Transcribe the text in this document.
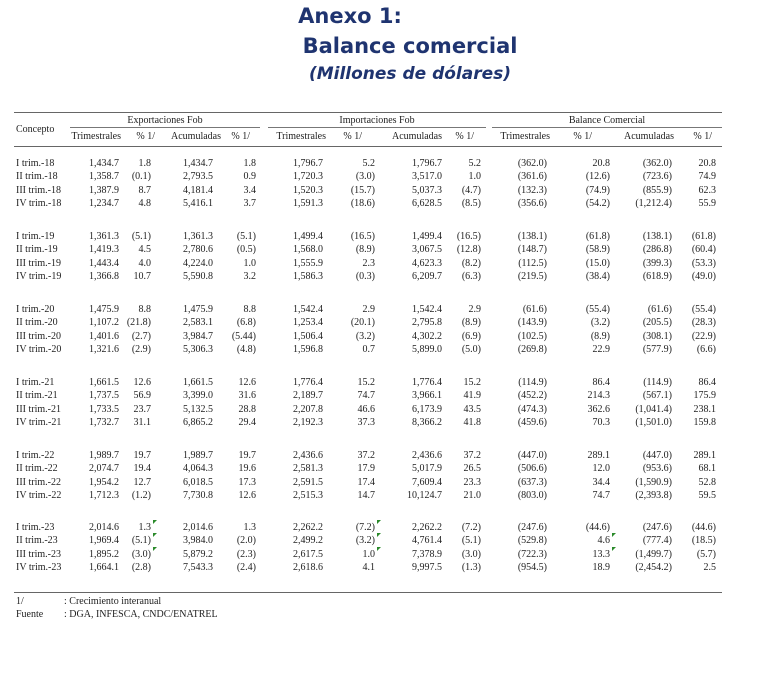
Anexo 1:
Balance comercial
(Millones de dólares)
Concepto
Exportaciones Fob	Importaciones Fob	Balance Comercial
Trimestrales % 1/ Acumuladas % 1/	Trimestrales % 1/	Acumuladas % 1/	Trimestrales % 1/	Acumuladas % 1/
I trim.-18	1,434.7 1.8	1,434.7	1.8	1,796.7	5.2	1,796.7	5.2	(362.0)	20.8	(362.0)	20.8
II trim.-18	1,358.7 (0.1)	2,793.5	0.9	1,720.3	(3.0)	3,517.0	1.0	(361.6)	(12.6)	(723.6)	74.9
III trim.-18	1,387.9 8.7	4,181.4	3.4	1,520.3	(15.7)	5,037.3 (4.7)	(132.3)	(74.9)	(855.9)	62.3
IV trim.-18	1,234.7 4.8	5,416.1	3.7	1,591.3	(18.6)	6,628.5 (8.5)	(356.6)	(54.2)	(1,212.4)	55.9
I trim.-19	1,361.3 (5.1)	1,361.3 (5.1)	1,499.4	(16.5)	1,499.4 (16.5)	(138.1)	(61.8)	(138.1) (61.8)
II trim.-19	1,419.3 4.5	2,780.6 (0.5)	1,568.0	(8.9)	3,067.5 (12.8)	(148.7)	(58.9)	(286.8) (60.4)
III trim.-19	1,443.4 4.0	4,224.0	1.0	1,555.9	2.3	4,623.3 (8.2)	(112.5)	(15.0)	(399.3) (53.3)
IV trim.-19	1,366.8 10.7	5,590.8	3.2	1,586.3	(0.3)	6,209.7 (6.3)	(219.5)	(38.4)	(618.9) (49.0)
I trim.-20	1,475.9 8.8	1,475.9	8.8	1,542.4	2.9	1,542.4	2.9	(61.6)	(55.4)	(61.6) (55.4)
II trim.-20	1,107.2 (21.8)	2,583.1 (6.8)	1,253.4	(20.1)	2,795.8 (8.9)	(143.9)	(3.2)	(205.5) (28.3)
III trim.-20	1,401.6 (2.7)	3,984.7 (5.44)	1,506.4	(3.2)	4,302.2 (6.9)	(102.5)	(8.9)	(308.1) (22.9)
IV trim.-20	1,321.6 (2.9)	5,306.3 (4.8)	1,596.8	0.7	5,899.0 (5.0)	(269.8)	22.9	(577.9) (6.6)
I trim.-21	1,661.5 12.6	1,661.5	12.6	1,776.4	15.2	1,776.4 15.2	(114.9)	86.4	(114.9)	86.4
II trim.-21	1,737.5 56.9	3,399.0	31.6	2,189.7	74.7	3,966.1 41.9	(452.2)	214.3	(567.1) 175.9
III trim.-21	1,733.5 23.7	5,132.5	28.8	2,207.8	46.6	6,173.9 43.5	(474.3)	362.6	(1,041.4) 238.1
IV trim.-21	1,732.7 31.1	6,865.2	29.4	2,192.3	37.3	8,366.2 41.8	(459.6)	70.3	(1,501.0) 159.8
I trim.-22	1,989.7 19.7	1,989.7	19.7	2,436.6	37.2	2,436.6 37.2	(447.0)	289.1	(447.0) 289.1
II trim.-22	2,074.7 19.4	4,064.3	19.6	2,581.3	17.9	5,017.9 26.5	(506.6)	12.0	(953.6)	68.1
III trim.-22	1,954.2 12.7	6,018.5	17.3	2,591.5	17.4	7,609.4 23.3	(637.3)	34.4	(1,590.9)	52.8
IV trim.-22	1,712.3 (1.2)	7,730.8	12.6	2,515.3	14.7	10,124.7 21.0	(803.0)	74.7	(2,393.8)	59.5
I trim.-23	2,014.6 1.3	2,014.6	1.3	2,262.2	(7.2)	2,262.2 (7.2)	(247.6)	(44.6)	(247.6) (44.6)
II trim.-23	1,969.4 (5.1)	3,984.0 (2.0)	2,499.2	(3.2)	4,761.4 (5.1)	(529.8)	4.6	(777.4) (18.5)
III trim.-23	1,895.2 (3.0)	5,879.2 (2.3)	2,617.5	1.0	7,378.9 (3.0)	(722.3)	13.3	(1,499.7) (5.7)
IV trim.-23	1,664.1 (2.8)	7,543.3 (2.4)	2,618.6	4.1	9,997.5 (1.3)	(954.5)	18.9	(2,454.2)	2.5
1/	: Crecimiento interanual
Fuente : DGA, INFESCA, CNDC/ENATREL
